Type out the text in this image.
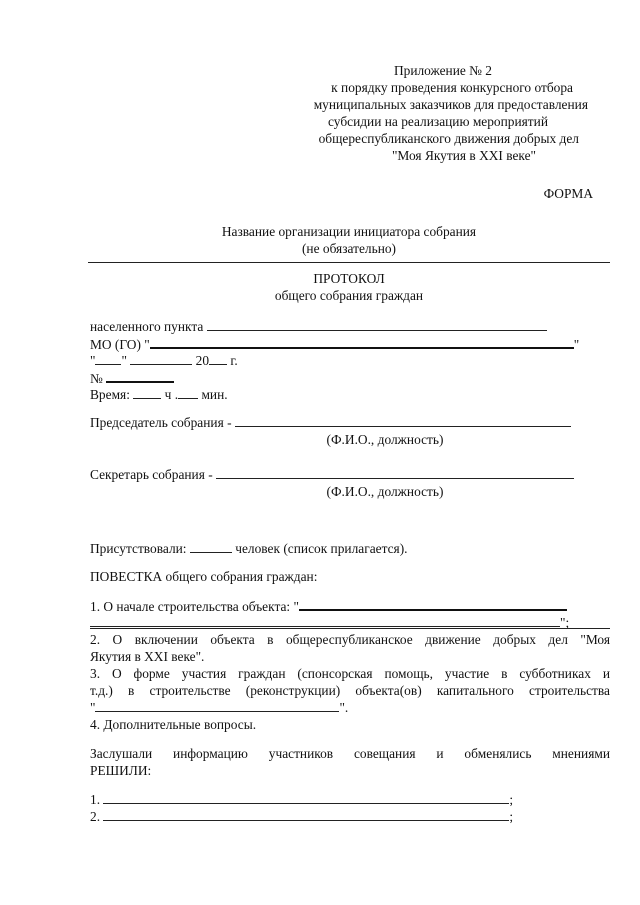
Приложение № 2
к порядку проведения конкурсного отбора
муниципальных заказчиков для предоставления
субсидии на реализацию мероприятий
общереспубликанского движения добрых дел
"Моя Якутия в XXI веке"
ФОРМА
Название организации инициатора собрания
(не обязательно)
ПРОТОКОЛ
общего собрания граждан
населенного пункта
МО (ГО) "	"
" "	20 г.
№
Время:	ч . мин.
Председатель собрания -
(Ф.И.О., должность)
Секретарь собрания -
(Ф.И.О., должность)
Присутствовали:	человек (список прилагается).
ПОВЕСТКА общего собрания граждан:
1. О начале строительства объекта: "
";
2. О включении объекта в общереспубликанское движение добрых дел "Моя
Якутия в XXI веке".
3. О форме участия граждан (спонсорская помощь, участие в субботниках и
т.д.) в строительстве (реконструкции) объекта(ов) капитального строительства
"	".
4. Дополнительные вопросы.
Заслушали информацию участников совещания и обменялись мнениями
РЕШИЛИ:
1.	;
2.	;
